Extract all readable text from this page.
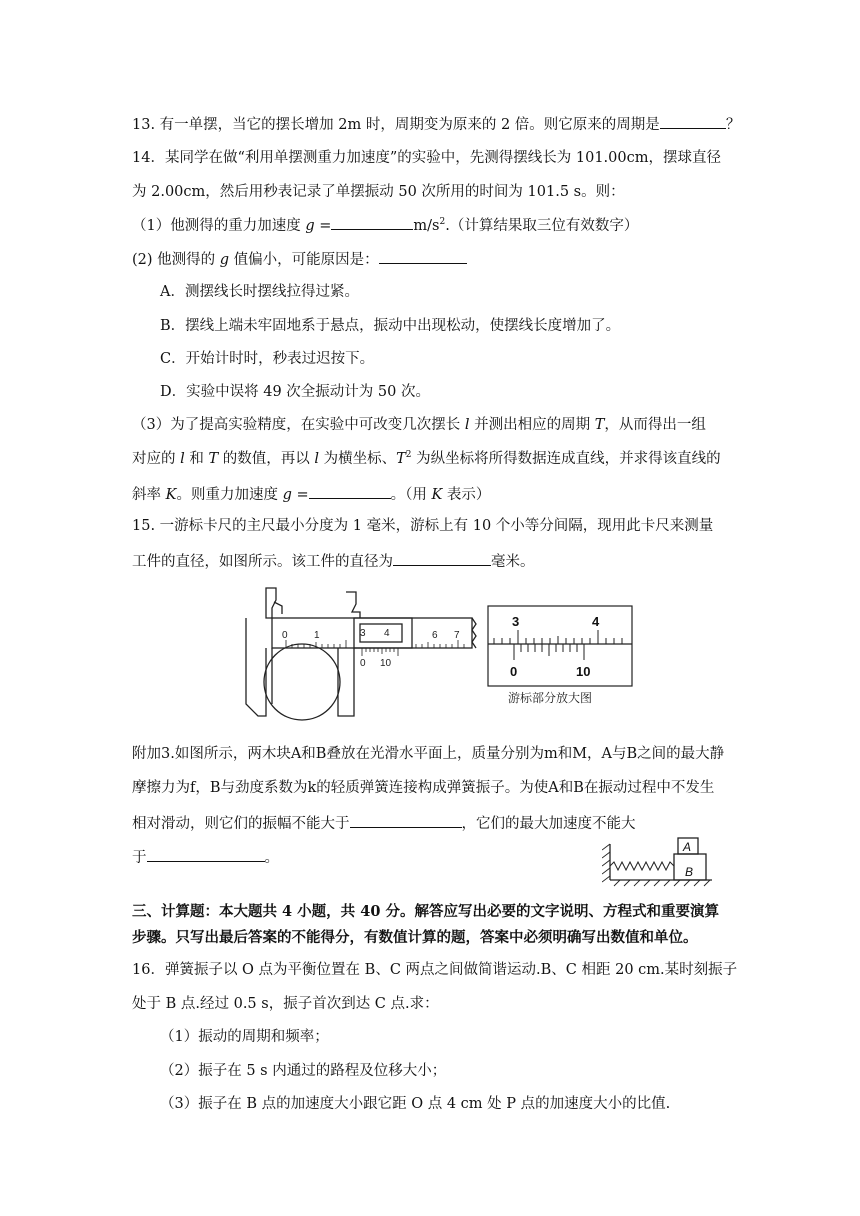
13. 有一单摆，当它的摆长增加 2m 时，周期变为原来的 2 倍。则它原来的周期是	？
14．某同学在做“利用单摆测重力加速度”的实验中，先测得摆线长为 101.00cm，摆球直径
为 2.00cm，然后用秒表记录了单摆振动 50 次所用的时间为 101.5 s。则：
（1）他测得的重力加速度 g =	$m/s^2$.（计算结果取三位有效数字）
(2) 他测得的 g 值偏小，可能原因是：
A．测摆线长时摆线拉得过紧。
B．摆线上端未牢固地系于悬点，振动中出现松动，使摆线长度增加了。
C．开始计时时，秒表过迟按下。
D．实验中误将 49 次全振动计为 50 次。
（3）为了提高实验精度，在实验中可改变几次摆长 l 并测出相应的周期 T，从而得出一组
对应的 l 和 T 的数值，再以 l 为横坐标、$T^2$ 为纵坐标将所得数据连成直线，并求得该直线的
斜率 K。则重力加速度 g =	。（用 K 表示）
15. 一游标卡尺的主尺最小分度为 1 毫米，游标上有 10 个小等分间隔，现用此卡尺来测量
工件的直径，如图所示。该工件的直径为	毫米。
0	1	3 4	6 7
0 10
3	4
0	10
游标部分放大图
附加3.如图所示，两木块A和B叠放在光滑水平面上，质量分别为m和M，A与B之间的最大静
摩擦力为f，B与劲度系数为k的轻质弹簧连接构成弹簧振子。为使A和B在振动过程中不发生
相对滑动，则它们的振幅不能大于	，它们的最大加速度不能大
于	。
A
B
三、计算题：本大题共 4 小题，共 40 分。解答应写出必要的文字说明、方程式和重要演算
步骤。只写出最后答案的不能得分，有数值计算的题，答案中必须明确写出数值和单位。
16．弹簧振子以 O 点为平衡位置在 B、C 两点之间做简谐运动.B、C 相距 20 cm.某时刻振子
处于 B 点.经过 0.5 s，振子首次到达 C 点.求：
（1）振动的周期和频率；
（2）振子在 5 s 内通过的路程及位移大小；
（3）振子在 B 点的加速度大小跟它距 O 点 4 cm 处 P 点的加速度大小的比值.
